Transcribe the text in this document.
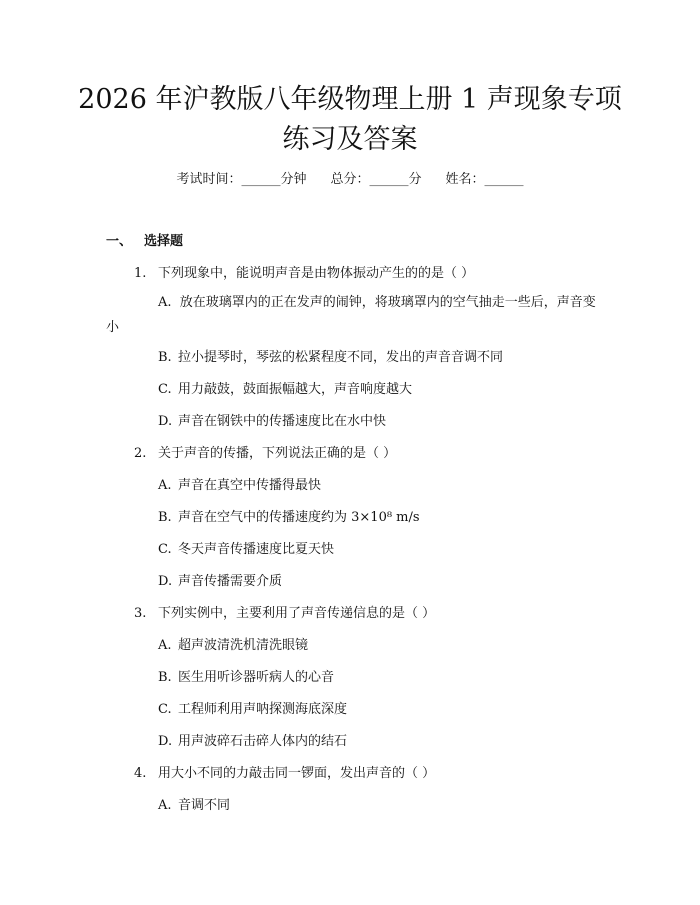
2026 年沪教版八年级物理上册 1 声现象专项
练习及答案
考试时间：______分钟 总分：______分 姓名：______
一、 选择题
1. 下列现象中，能说明声音是由物体振动产生的的是（ ）
A. 放在玻璃罩内的正在发声的闹钟，将玻璃罩内的空气抽走一些后，声音变小
B. 拉小提琴时，琴弦的松紧程度不同，发出的声音音调不同
C. 用力敲鼓，鼓面振幅越大，声音响度越大
D. 声音在钢铁中的传播速度比在水中快
2. 关于声音的传播，下列说法正确的是（ ）
A. 声音在真空中传播得最快
B. 声音在空气中的传播速度约为 3×10⁸ m/s
C. 冬天声音传播速度比夏天快
D. 声音传播需要介质
3. 下列实例中，主要利用了声音传递信息的是（ ）
A. 超声波清洗机清洗眼镜
B. 医生用听诊器听病人的心音
C. 工程师利用声呐探测海底深度
D. 用声波碎石击碎人体内的结石
4. 用大小不同的力敲击同一锣面，发出声音的（ ）
A. 音调不同
